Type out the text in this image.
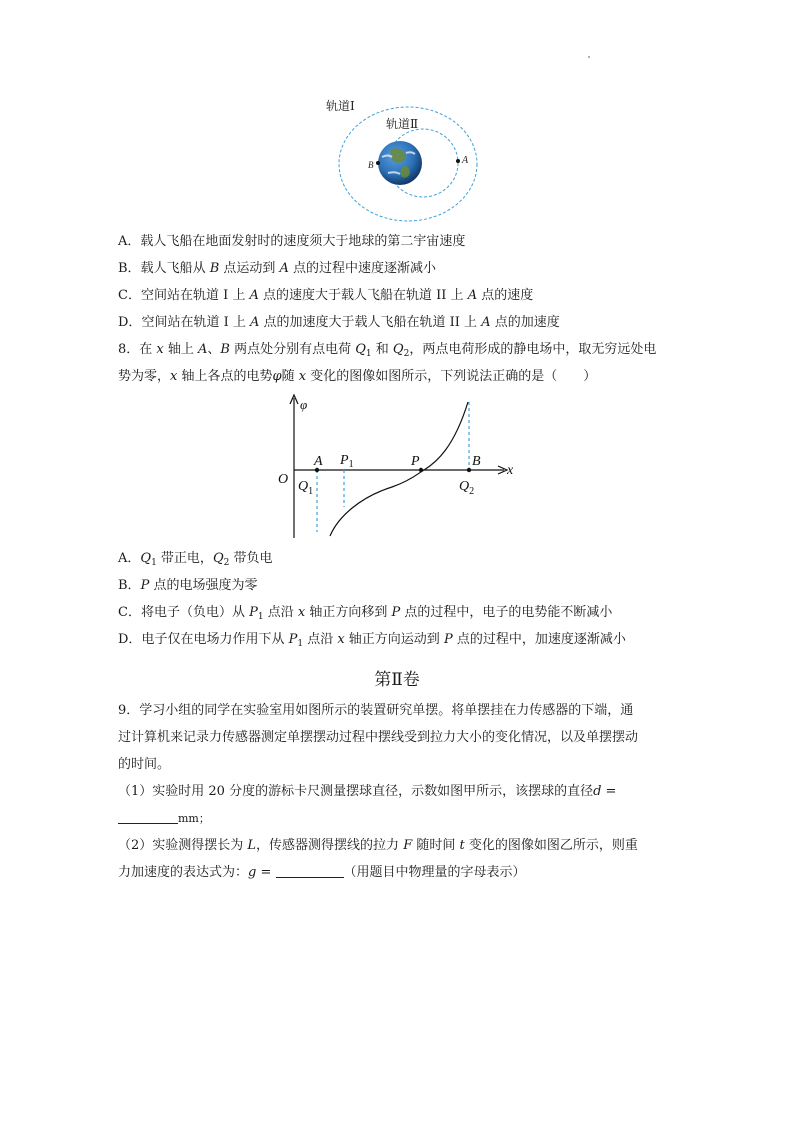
轨道Ⅰ
轨道Ⅱ
B	A
A．载人飞船在地面发射时的速度须大于地球的第二宇宙速度
B．载人飞船从 B 点运动到 A 点的过程中速度逐渐减小
C．空间站在轨道 I 上 A 点的速度大于载人飞船在轨道 II 上 A 点的速度
D．空间站在轨道 I 上 A 点的加速度大于载人飞船在轨道 II 上 A 点的加速度
8．在 x 轴上 A、B 两点处分别有点电荷 $Q_1$ 和 $Q_2$，两点电荷形成的静电场中，取无穷远处电
势为零，x 轴上各点的电势φ随 x 变化的图像如图所示，下列说法正确的是（　　）
φ
x
O
A $P_1$	P	B
$Q_1$	$Q_2$
A．$Q_1$ 带正电，$Q_2$ 带负电
B．P 点的电场强度为零
C．将电子（负电）从 $P_1$ 点沿 x 轴正方向移到 P 点的过程中，电子的电势能不断减小
D．电子仅在电场力作用下从 $P_1$ 点沿 x 轴正方向运动到 P 点的过程中，加速度逐渐减小
第Ⅱ卷
9．学习小组的同学在实验室用如图所示的装置研究单摆。将单摆挂在力传感器的下端，通
过计算机来记录力传感器测定单摆摆动过程中摆线受到拉力大小的变化情况，以及单摆摆动
的时间。
（1）实验时用 20 分度的游标卡尺测量摆球直径，示数如图甲所示，该摆球的直径d =
mm；
（2）实验测得摆长为 L，传感器测得摆线的拉力 F 随时间 t 变化的图像如图乙所示，则重
力加速度的表达式为：g =	（用题目中物理量的字母表示）
